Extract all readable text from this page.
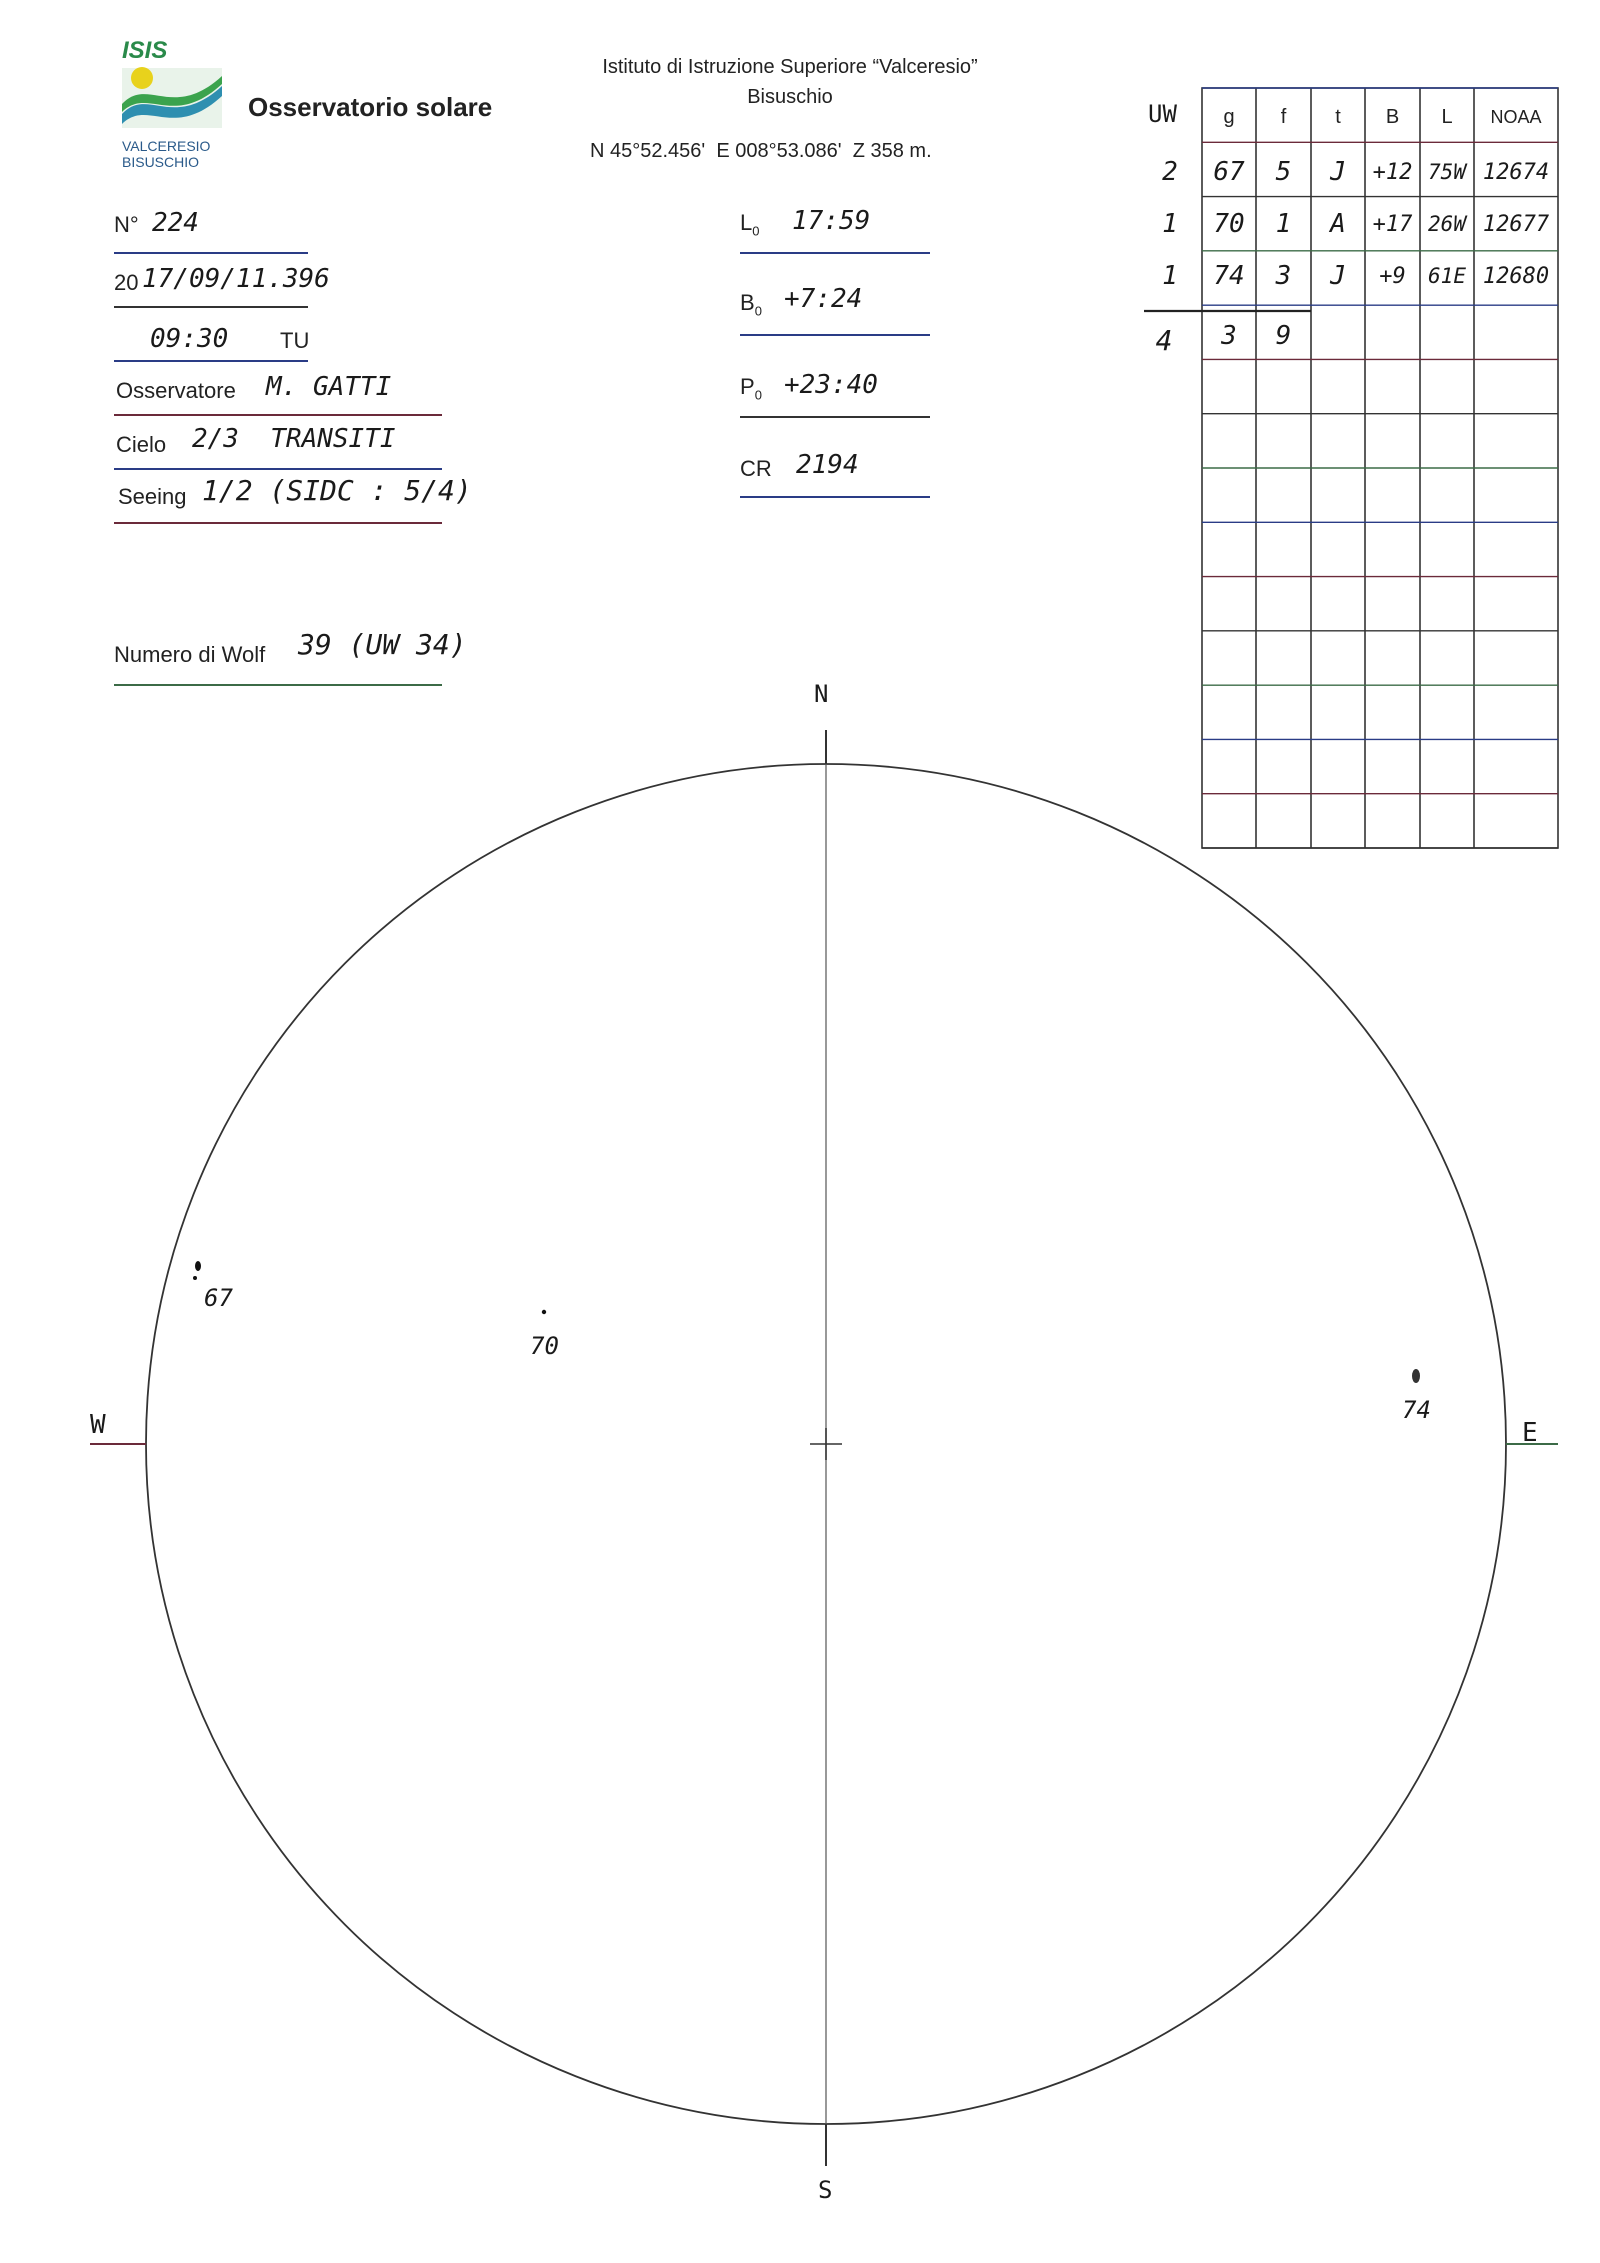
ISIS
VALCERESIO
BISUSCHIO
Osservatorio solare
Istituto di Istruzione Superiore “Valceresio”
Bisuschio
N 45°52.456'  E 008°53.086'  Z 358 m.
N° 224
20 17/09/11.396
09:30 TU
Osservatore M. GATTI
Cielo 2/3  TRANSITI
Seeing 1/2 (SIDC : 5/4)
Numero di Wolf 39 (UW 34)
$L_0$ 17:59
$B_0$ +7:24
$P_0$ +23:40
CR 2194
UW	g	f	t	B	L	NOAA
2	67	5	J	+12 75W 12674
1	70	1	A	+17 26W 12677
1	74	3	J	+9	61E 12680
4	3	9
N
S
W	E
67
70
74
